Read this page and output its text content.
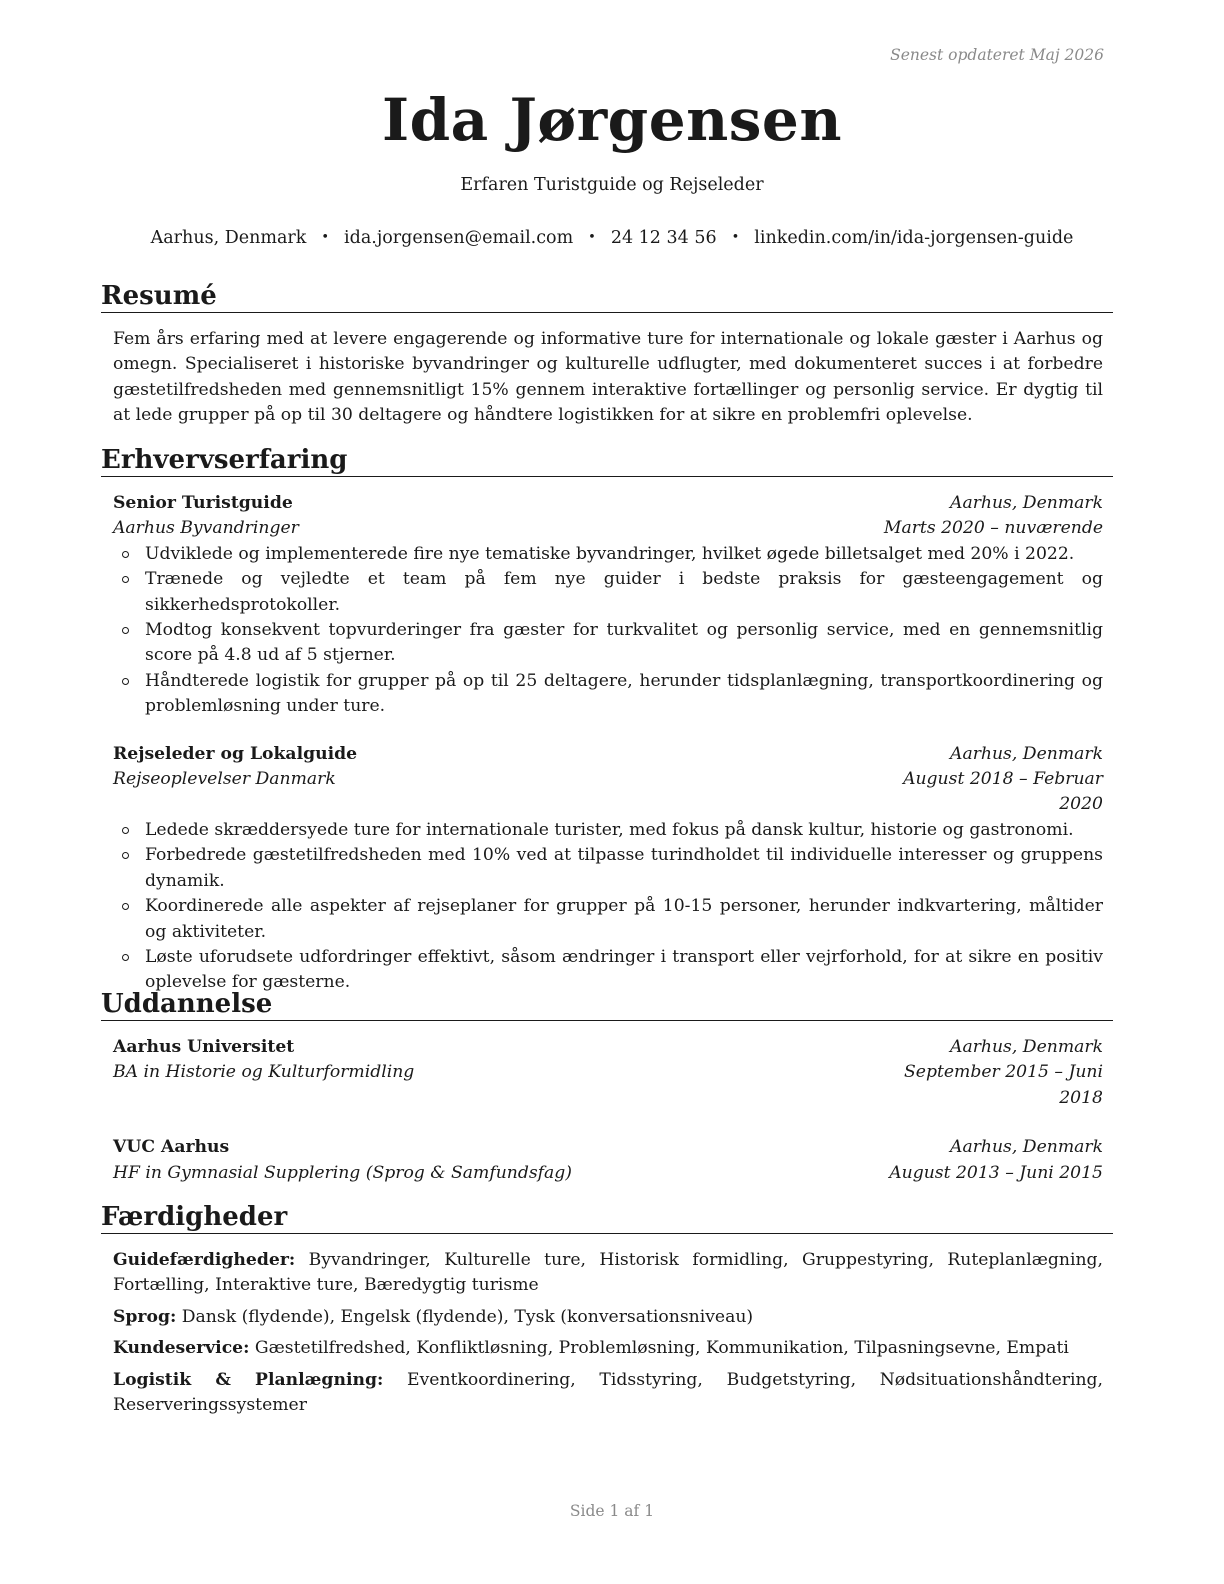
Senest opdateret Maj 2026
Ida Jørgensen
Erfaren Turistguide og Rejseleder
Aarhus, Denmark • ida.jorgensen@email.com • 24 12 34 56 • linkedin.com/in/ida-jorgensen-guide
Resumé
Fem års erfaring med at levere engagerende og informative ture for internationale og lokale gæster i Aarhus og omegn. Specialiseret i historiske byvandringer og kulturelle udflugter, med dokumenteret succes i at forbedre gæstetilfredsheden med gennemsnitligt 15% gennem interaktive fortællinger og personlig service. Er dygtig til at lede grupper på op til 30 deltagere og håndtere logistikken for at sikre en problemfri oplevelse.
Erhvervserfaring
Senior Turistguide	Aarhus, Denmark
Aarhus Byvandringer	Marts 2020 – nuværende
Udviklede og implementerede fire nye tematiske byvandringer, hvilket øgede billetsalget med 20% i 2022.
Trænede og vejledte et team på fem nye guider i bedste praksis for gæsteengagement og sikkerhedsprotokoller.
Modtog konsekvent topvurderinger fra gæster for turkvalitet og personlig service, med en gennemsnitlig score på 4.8 ud af 5 stjerner.
Håndterede logistik for grupper på op til 25 deltagere, herunder tidsplanlægning, transportkoordinering og problemløsning under ture.
Rejseleder og Lokalguide	Aarhus, Denmark
Rejseoplevelser Danmark	August 2018 – Februar 2020
Ledede skræddersyede ture for internationale turister, med fokus på dansk kultur, historie og gastronomi.
Forbedrede gæstetilfredsheden med 10% ved at tilpasse turindholdet til individuelle interesser og gruppens dynamik.
Koordinerede alle aspekter af rejseplaner for grupper på 10-15 personer, herunder indkvartering, måltider og aktiviteter.
Løste uforudsete udfordringer effektivt, såsom ændringer i transport eller vejrforhold, for at sikre en positiv oplevelse for gæsterne.
Uddannelse
Aarhus Universitet	Aarhus, Denmark
BA in Historie og Kulturformidling	September 2015 – Juni 2018
VUC Aarhus	Aarhus, Denmark
HF in Gymnasial Supplering (Sprog & Samfundsfag)	August 2013 – Juni 2015
Færdigheder
Guidefærdigheder: Byvandringer, Kulturelle ture, Historisk formidling, Gruppestyring, Ruteplanlægning, Fortælling, Interaktive ture, Bæredygtig turisme
Sprog: Dansk (flydende), Engelsk (flydende), Tysk (konversationsniveau)
Kundeservice: Gæstetilfredshed, Konfliktløsning, Problemløsning, Kommunikation, Tilpasningsevne, Empati
Logistik & Planlægning: Eventkoordinering, Tidsstyring, Budgetstyring, Nødsituationshåndtering, Reserveringssystemer
Side 1 af 1
